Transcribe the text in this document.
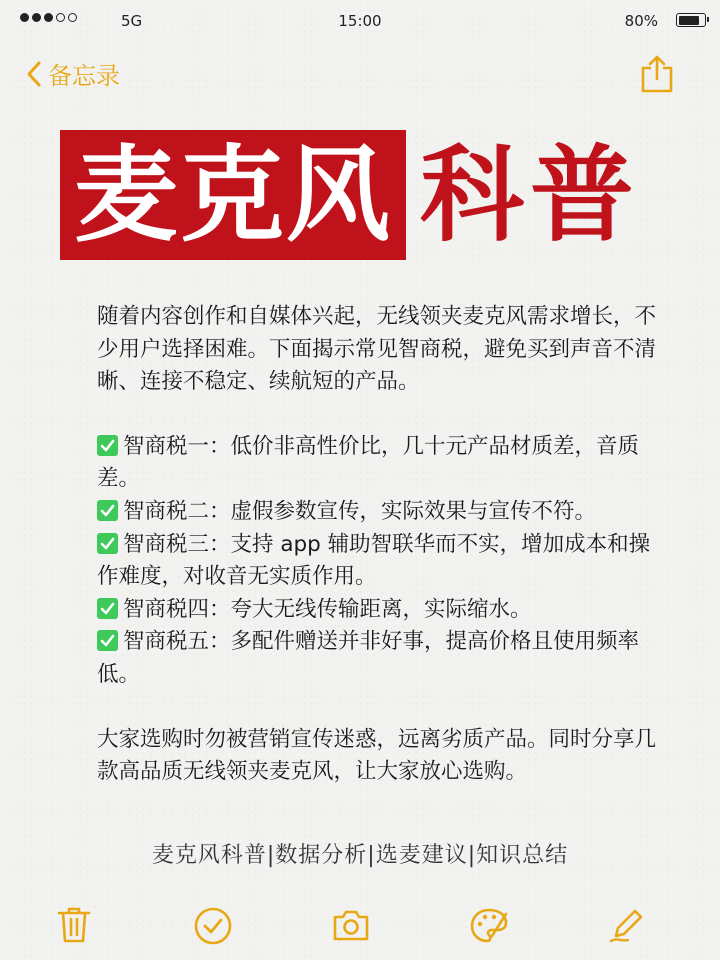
5G	15:00	80%
备忘录
麦克风 科普

随着内容创作和自媒体兴起，无线领夹麦克风需求增长，不少用户选择困难。下面揭示常见智商税，避免买到声音不清晰、连接不稳定、续航短的产品。

智商税一：低价非高性价比，几十元产品材质差，音质差。

智商税二：虚假参数宣传，实际效果与宣传不符。

智商税三：支持 app 辅助智联华而不实，增加成本和操作难度，对收音无实质作用。

智商税四：夸大无线传输距离，实际缩水。

智商税五：多配件赠送并非好事，提高价格且使用频率低。

大家选购时勿被营销宣传迷惑，远离劣质产品。同时分享几款高品质无线领夹麦克风，让大家放心选购。

麦克风科普|数据分析|选麦建议|知识总结
